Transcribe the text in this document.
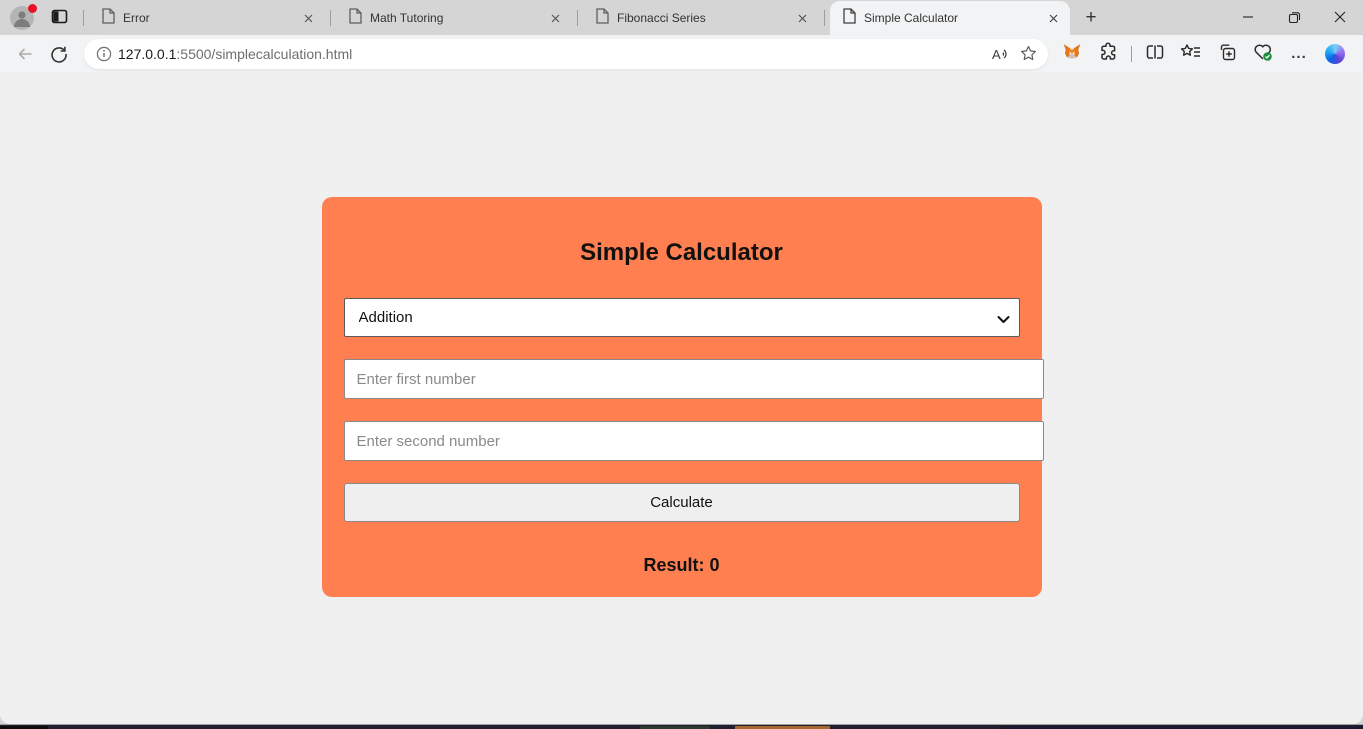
Error	Math Tutoring	Fibonacci Series	Simple Calculator	+
127.0.0.1:5500/simplecalculation.html	A	...
Simple Calculator
Addition
Enter first number
Enter second number
Calculate
Result: 0
